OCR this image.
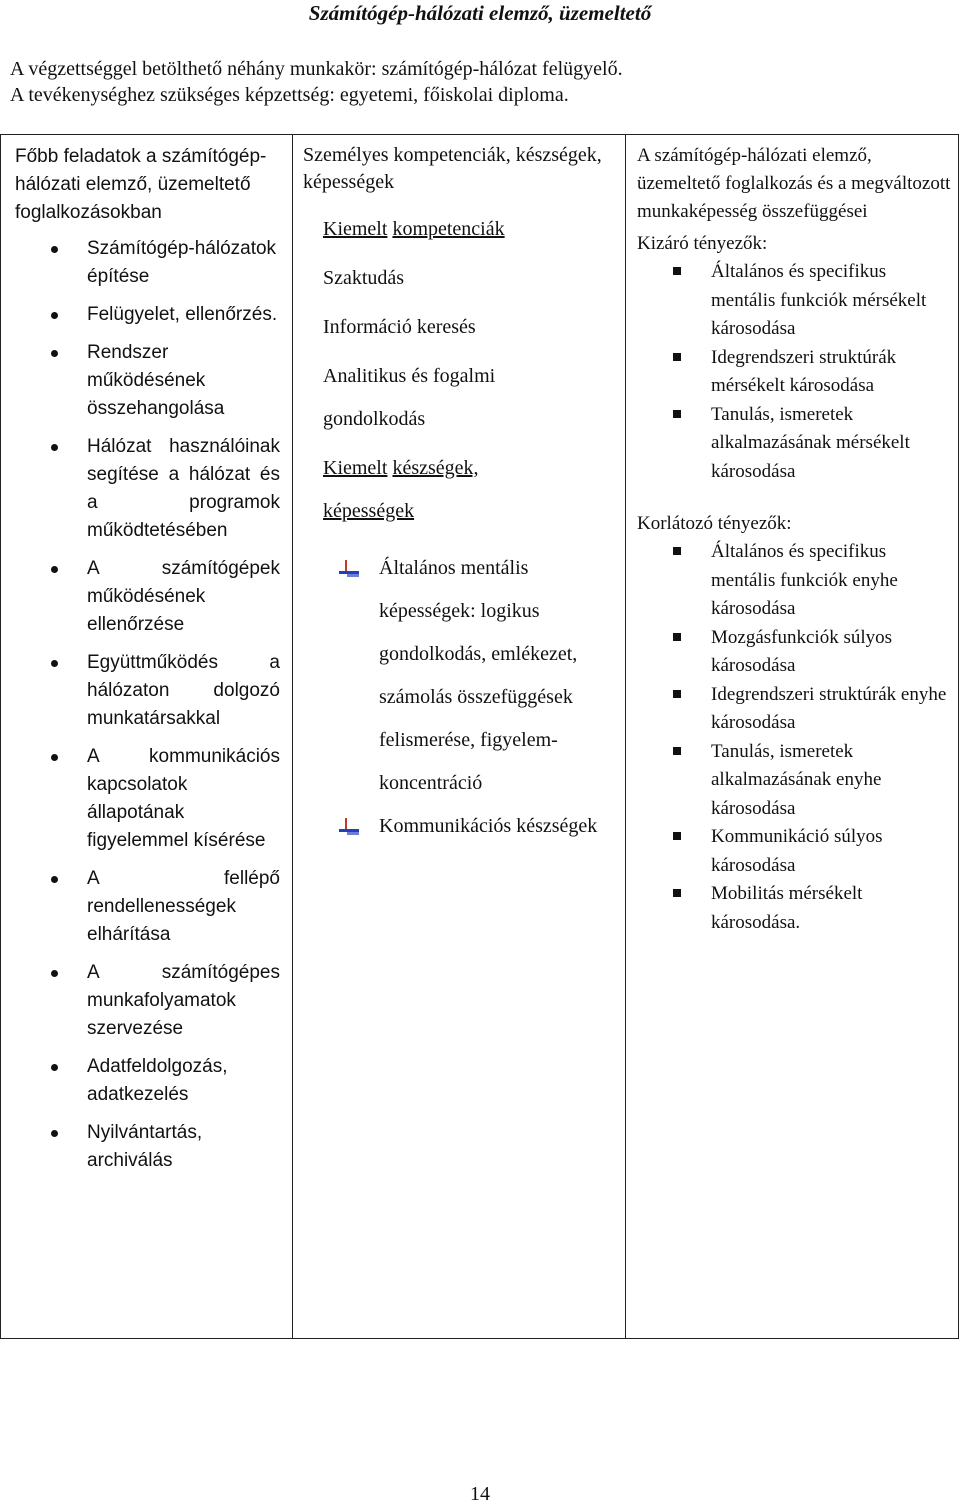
Számítógép-hálózati elemző, üzemeltető
A végzettséggel betölthető néhány munkakör: számítógép-hálózat felügyelő.
A tevékenységhez szükséges képzettség: egyetemi, főiskolai diploma.
Főbb feladatok a számítógép-hálózati elemző, üzemeltető foglalkozásokban
Számítógép-hálózatok építése
Felügyelet, ellenőrzés.
Rendszer működésének összehangolása
Hálózat használóinak segítése a hálózat és a programok működtetésében
A számítógépek működésének ellenőrzése
Együttműködés a hálózaton dolgozó munkatársakkal
A kommunikációs kapcsolatok állapotának figyelemmel kísérése
A fellépő rendellenességek elhárítása
A számítógépes munkafolyamatok szervezése
Adatfeldolgozás, adatkezelés
Nyilvántartás, archiválás

Személyes kompetenciák, készségek, képességek
Kiemelt kompetenciák
Szaktudás
Információ keresés
Analitikus és fogalmi gondolkodás
Kiemelt készségek, képességek
Általános mentális képességek: logikus gondolkodás, emlékezet, számolás összefüggések felismerése, figyelem-koncentráció
Kommunikációs készségek

A számítógép-hálózati elemző, üzemeltető foglalkozás és a megváltozott munkaképesség összefüggései
Kizáró tényezők:
Általános és specifikus mentális funkciók mérsékelt károsodása
Idegrendszeri struktúrák mérsékelt károsodása
Tanulás, ismeretek alkalmazásának mérsékelt károsodása
Korlátozó tényezők:
Általános és specifikus mentális funkciók enyhe károsodása
Mozgásfunkciók súlyos károsodása
Idegrendszeri struktúrák enyhe károsodása
Tanulás, ismeretek alkalmazásának enyhe károsodása
Kommunikáció súlyos károsodása
Mobilitás mérsékelt károsodása.
14
